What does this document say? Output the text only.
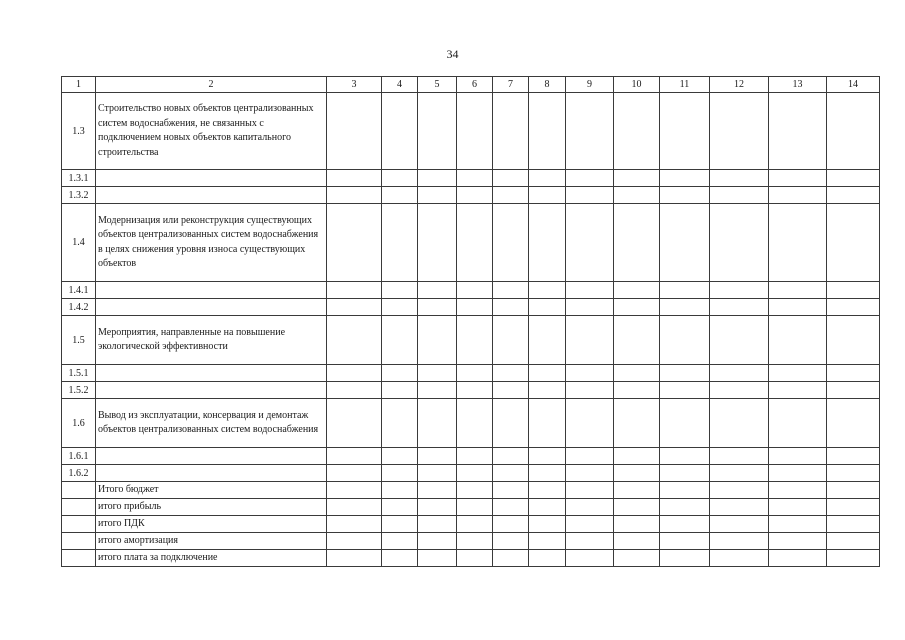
34
1	2	3	4	5	6	7	8	9	10	11	12	13	14
1.3	Строительство новых объектов централизованных систем водоснабжения, не связанных с подключением новых объектов капитального строительства												
1.3.1													
1.3.2													
1.4	Модернизация или реконструкция существующих объектов централизованных систем водоснабжения в целях снижения уровня износа существующих объектов												
1.4.1													
1.4.2													
1.5	Мероприятия, направленные на повышение экологической эффективности												
1.5.1													
1.5.2													
1.6	Вывод из эксплуатации, консервация и демонтаж объектов централизованных систем водоснабжения												
1.6.1													
1.6.2													
	Итого бюджет												
	итого прибыль												
	итого ПДК												
	итого амортизация												
	итого плата за подключение												
